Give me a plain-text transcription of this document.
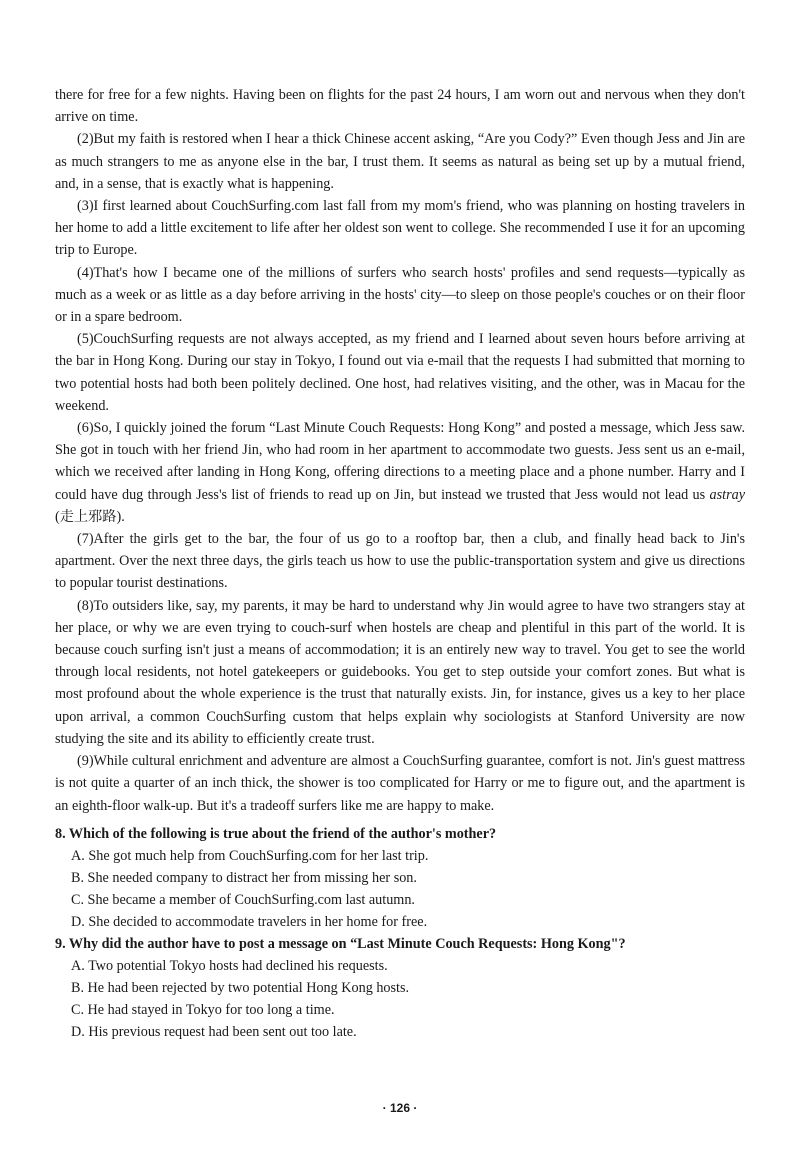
there for free for a few nights. Having been on flights for the past 24 hours, I am worn out and nervous when they don't arrive on time.

(2)But my faith is restored when I hear a thick Chinese accent asking, “Are you Cody?” Even though Jess and Jin are as much strangers to me as anyone else in the bar, I trust them. It seems as natural as being set up by a mutual friend, and, in a sense, that is exactly what is happening.

(3)I first learned about CouchSurfing.com last fall from my mom's friend, who was planning on hosting travelers in her home to add a little excitement to life after her oldest son went to college. She recommended I use it for an upcoming trip to Europe.

(4)That's how I became one of the millions of surfers who search hosts' profiles and send requests—typically as much as a week or as little as a day before arriving in the hosts' city—to sleep on those people's couches or on their floor or in a spare bedroom.

(5)CouchSurfing requests are not always accepted, as my friend and I learned about seven hours before arriving at the bar in Hong Kong. During our stay in Tokyo, I found out via e-mail that the requests I had submitted that morning to two potential hosts had both been politely declined. One host, had relatives visiting, and the other, was in Macau for the weekend.

(6)So, I quickly joined the forum “Last Minute Couch Requests: Hong Kong” and posted a message, which Jess saw. She got in touch with her friend Jin, who had room in her apartment to accommodate two guests. Jess sent us an e-mail, which we received after landing in Hong Kong, offering directions to a meeting place and a phone number. Harry and I could have dug through Jess's list of friends to read up on Jin, but instead we trusted that Jess would not lead us astray (走上邪路).

(7)After the girls get to the bar, the four of us go to a rooftop bar, then a club, and finally head back to Jin's apartment. Over the next three days, the girls teach us how to use the public-transportation system and give us directions to popular tourist destinations.

(8)To outsiders like, say, my parents, it may be hard to understand why Jin would agree to have two strangers stay at her place, or why we are even trying to couch-surf when hostels are cheap and plentiful in this part of the world. It is because couch surfing isn't just a means of accommodation; it is an entirely new way to travel. You get to see the world through local residents, not hotel gatekeepers or guidebooks. You get to step outside your comfort zones. But what is most profound about the whole experience is the trust that naturally exists. Jin, for instance, gives us a key to her place upon arrival, a common CouchSurfing custom that helps explain why sociologists at Stanford University are now studying the site and its ability to efficiently create trust.

(9)While cultural enrichment and adventure are almost a CouchSurfing guarantee, comfort is not. Jin's guest mattress is not quite a quarter of an inch thick, the shower is too complicated for Harry or me to figure out, and the apartment is an eighth-floor walk-up. But it's a tradeoff surfers like me are happy to make.

8. Which of the following is true about the friend of the author's mother?

A. She got much help from CouchSurfing.com for her last trip.

B. She needed company to distract her from missing her son.

C. She became a member of CouchSurfing.com last autumn.

D. She decided to accommodate travelers in her home for free.

9. Why did the author have to post a message on “Last Minute Couch Requests: Hong Kong"?

A. Two potential Tokyo hosts had declined his requests.

B. He had been rejected by two potential Hong Kong hosts.

C. He had stayed in Tokyo for too long a time.

D. His previous request had been sent out too late.

· 126 ·
